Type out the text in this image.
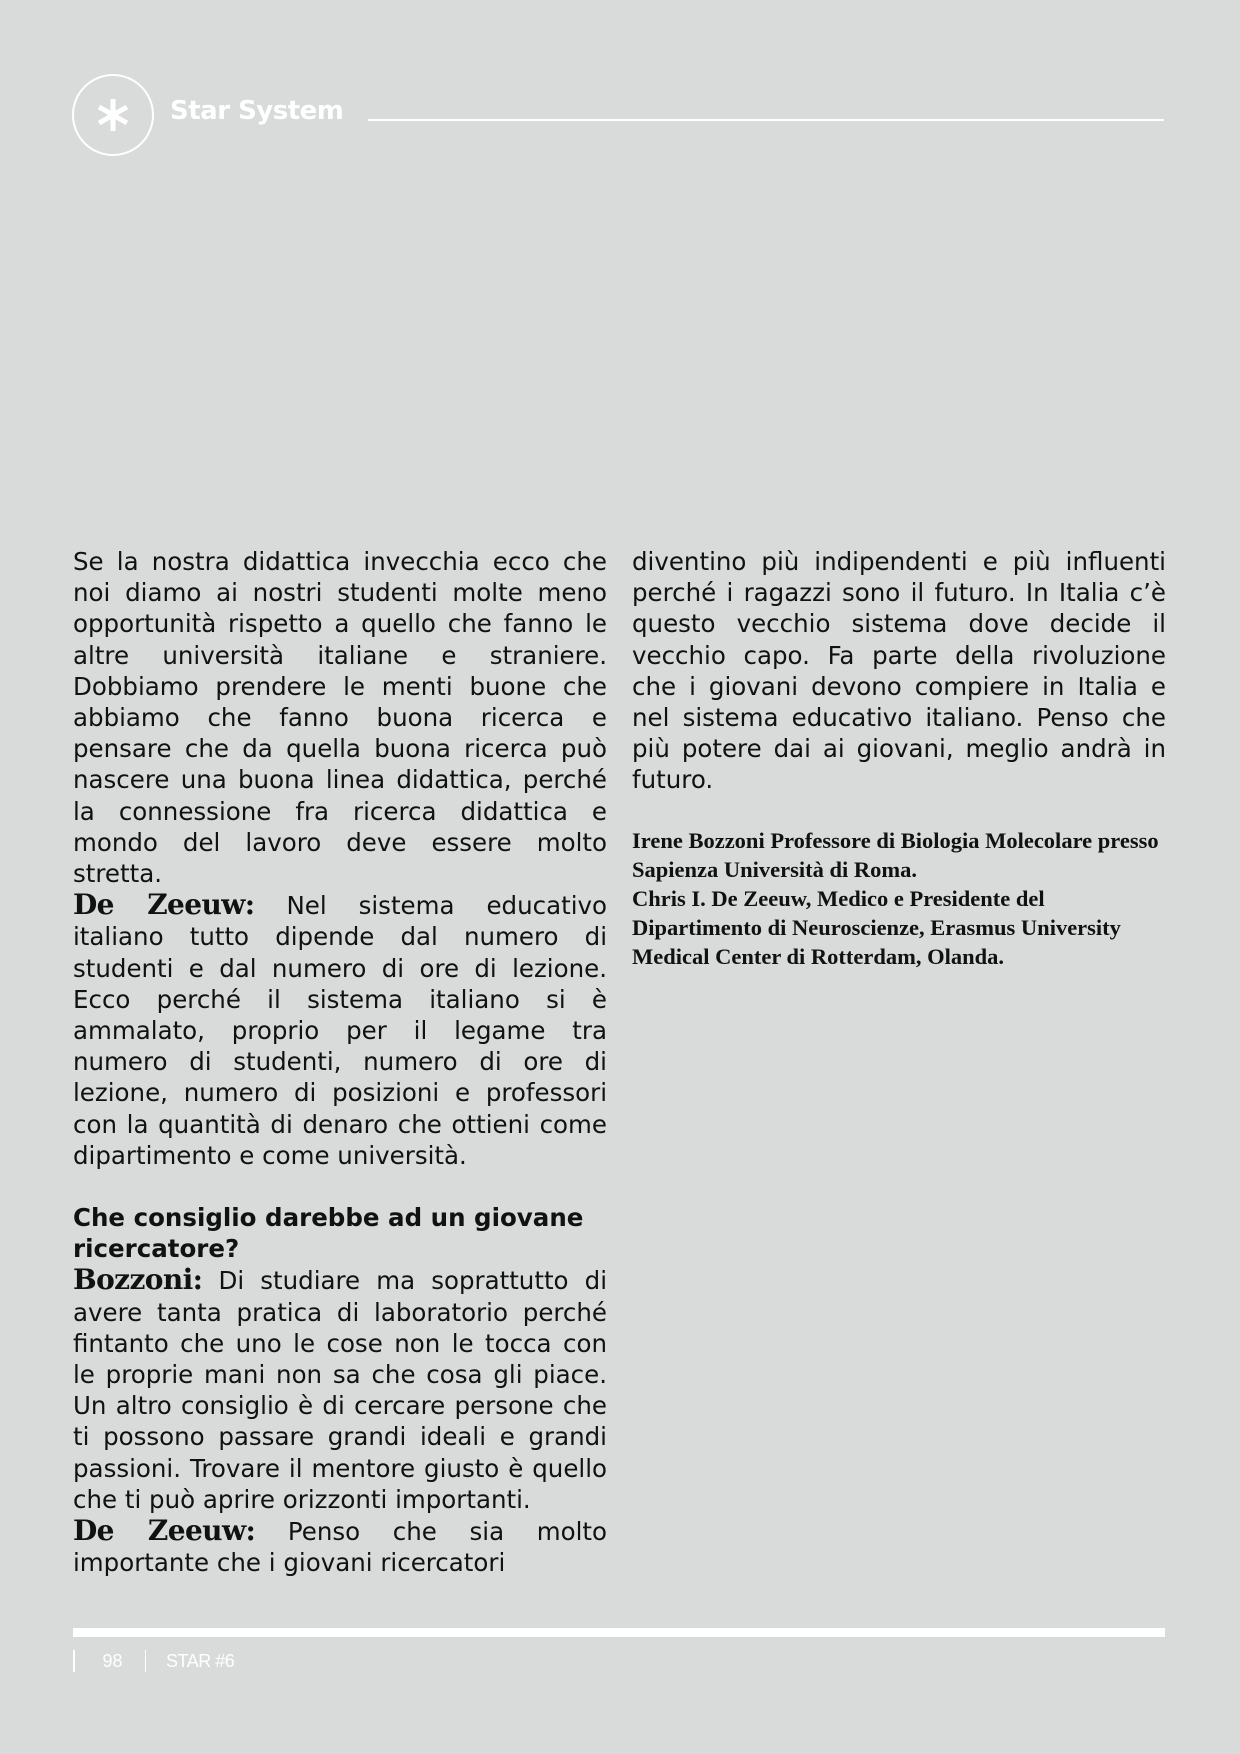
Star System

Se la nostra didattica invecchia ecco che noi diamo ai nostri studenti molte meno opportunità rispetto a quello che fanno le altre università italiane e straniere. Dobbiamo prendere le menti buone che abbiamo che fanno buona ricerca e pensare che da quella buona ricerca può nascere una buona linea didattica, perché la connessione fra ricerca didattica e mondo del lavoro deve essere molto stretta.

De Zeeuw: Nel sistema educativo italiano tutto dipende dal numero di studenti e dal numero di ore di lezione. Ecco perché il sistema italiano si è ammalato, proprio per il legame tra numero di studenti, numero di ore di lezione, numero di posizioni e professori con la quantità di denaro che ottieni come dipartimento e come università.

Che consiglio darebbe ad un giovane ricercatore?

Bozzoni: Di studiare ma soprattutto di avere tanta pratica di laboratorio perché fintanto che uno le cose non le tocca con le proprie mani non sa che cosa gli piace. Un altro consiglio è di cercare persone che ti possono passare grandi ideali e grandi passioni. Trovare il mentore giusto è quello che ti può aprire orizzonti importanti.

De Zeeuw: Penso che sia molto importante che i giovani ricercatori

diventino più indipendenti e più influenti perché i ragazzi sono il futuro. In Italia c’è questo vecchio sistema dove decide il vecchio capo. Fa parte della rivoluzione che i giovani devono compiere in Italia e nel sistema educativo italiano. Penso che più potere dai ai giovani, meglio andrà in futuro.

Irene Bozzoni Professore di Biologia Molecolare presso Sapienza Università di Roma.
Chris I. De Zeeuw, Medico e Presidente del Dipartimento di Neuroscienze, Erasmus University Medical Center di Rotterdam, Olanda.

98 STAR #6
